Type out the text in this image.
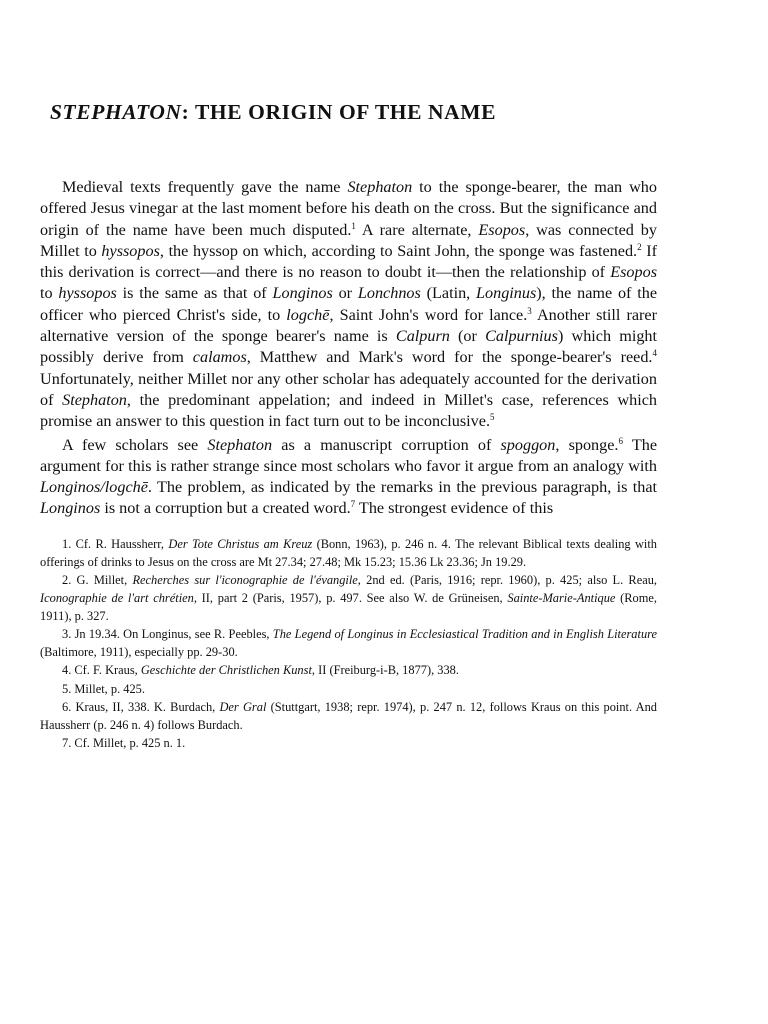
STEPHATON: THE ORIGIN OF THE NAME

Medieval texts frequently gave the name Stephaton to the sponge-bearer, the man who offered Jesus vinegar at the last moment before his death on the cross. But the significance and origin of the name have been much disputed.$^1$ A rare alternate, Esopos, was connected by Millet to hyssopos, the hyssop on which, according to Saint John, the sponge was fastened.$^2$ If this derivation is correct—and there is no reason to doubt it—then the relationship of Esopos to hyssopos is the same as that of Longinos or Lonchnos (Latin, Longinus), the name of the officer who pierced Christ's side, to logchē, Saint John's word for lance.$^3$ Another still rarer alternative version of the sponge bearer's name is Calpurn (or Calpurnius) which might possibly derive from calamos, Matthew and Mark's word for the sponge-bearer's reed.$^4$ Unfortunately, neither Millet nor any other scholar has adequately accounted for the derivation of Stephaton, the predominant appelation; and indeed in Millet's case, references which promise an answer to this question in fact turn out to be inconclusive.$^5$

A few scholars see Stephaton as a manuscript corruption of spoggon, sponge.$^6$ The argument for this is rather strange since most scholars who favor it argue from an analogy with Longinos/logchē. The problem, as indicated by the remarks in the previous paragraph, is that Longinos is not a corruption but a created word.$^7$ The strongest evidence of this

1. Cf. R. Haussherr, Der Tote Christus am Kreuz (Bonn, 1963), p. 246 n. 4. The relevant Biblical texts dealing with offerings of drinks to Jesus on the cross are Mt 27.34; 27.48; Mk 15.23; 15.36 Lk 23.36; Jn 19.29.

2. G. Millet, Recherches sur l'iconographie de l'évangile, 2nd ed. (Paris, 1916; repr. 1960), p. 425; also L. Reau, Iconographie de l'art chrétien, II, part 2 (Paris, 1957), p. 497. See also W. de Grüneisen, Sainte-Marie-Antique (Rome, 1911), p. 327.

3. Jn 19.34. On Longinus, see R. Peebles, The Legend of Longinus in Ecclesiastical Tradition and in English Literature (Baltimore, 1911), especially pp. 29-30.

4. Cf. F. Kraus, Geschichte der Christlichen Kunst, II (Freiburg-i-B, 1877), 338.

5. Millet, p. 425.

6. Kraus, II, 338. K. Burdach, Der Gral (Stuttgart, 1938; repr. 1974), p. 247 n. 12, follows Kraus on this point. And Haussherr (p. 246 n. 4) follows Burdach.

7. Cf. Millet, p. 425 n. 1.
